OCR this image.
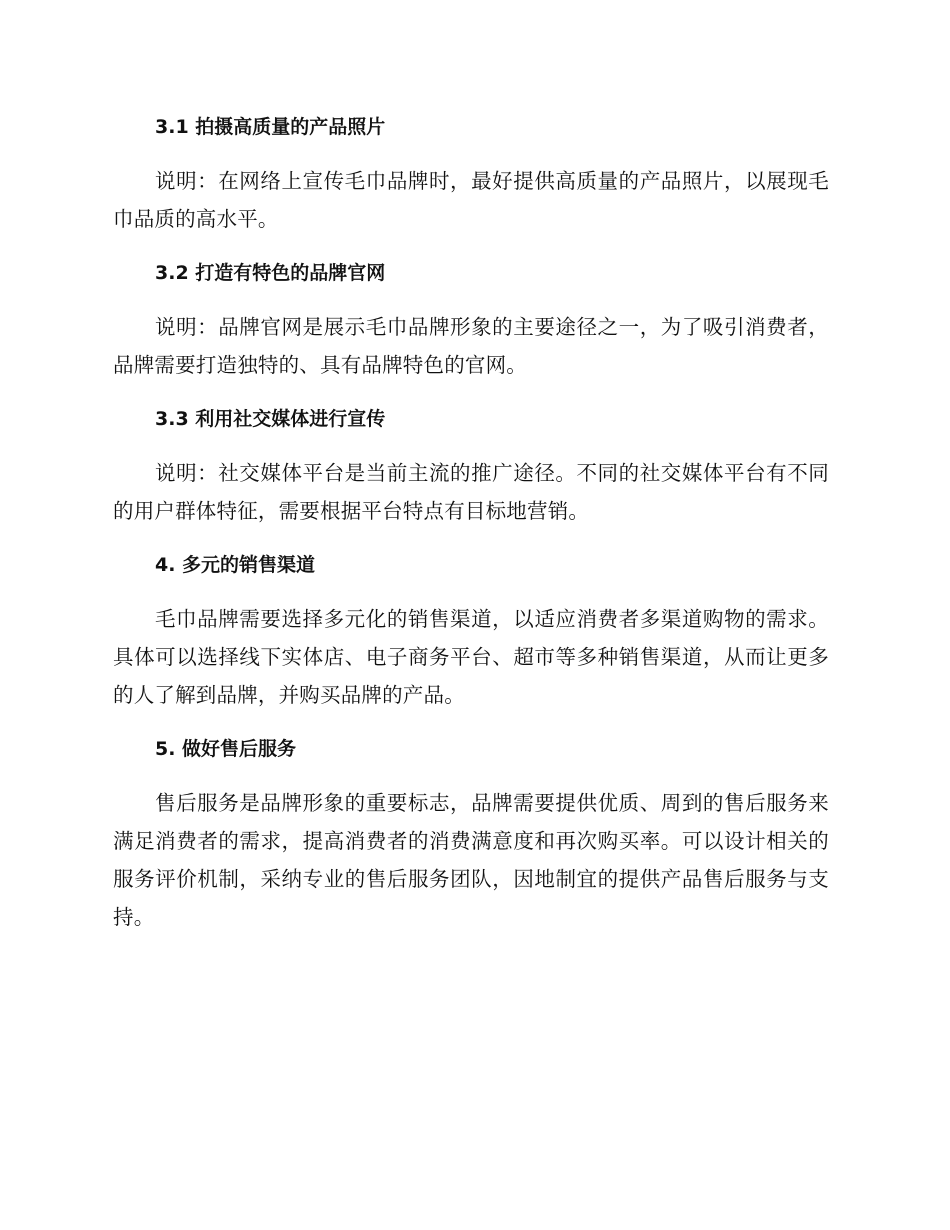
3.1 拍摄高质量的产品照片

说明：在网络上宣传毛巾品牌时，最好提供高质量的产品照片，以展现毛巾品质的高水平。

3.2 打造有特色的品牌官网

说明：品牌官网是展示毛巾品牌形象的主要途径之一，为了吸引消费者，品牌需要打造独特的、具有品牌特色的官网。

3.3 利用社交媒体进行宣传

说明：社交媒体平台是当前主流的推广途径。不同的社交媒体平台有不同的用户群体特征，需要根据平台特点有目标地营销。

4. 多元的销售渠道

毛巾品牌需要选择多元化的销售渠道，以适应消费者多渠道购物的需求。具体可以选择线下实体店、电子商务平台、超市等多种销售渠道，从而让更多的人了解到品牌，并购买品牌的产品。

5. 做好售后服务

售后服务是品牌形象的重要标志，品牌需要提供优质、周到的售后服务来满足消费者的需求，提高消费者的消费满意度和再次购买率。可以设计相关的服务评价机制，采纳专业的售后服务团队，因地制宜的提供产品售后服务与支持。
